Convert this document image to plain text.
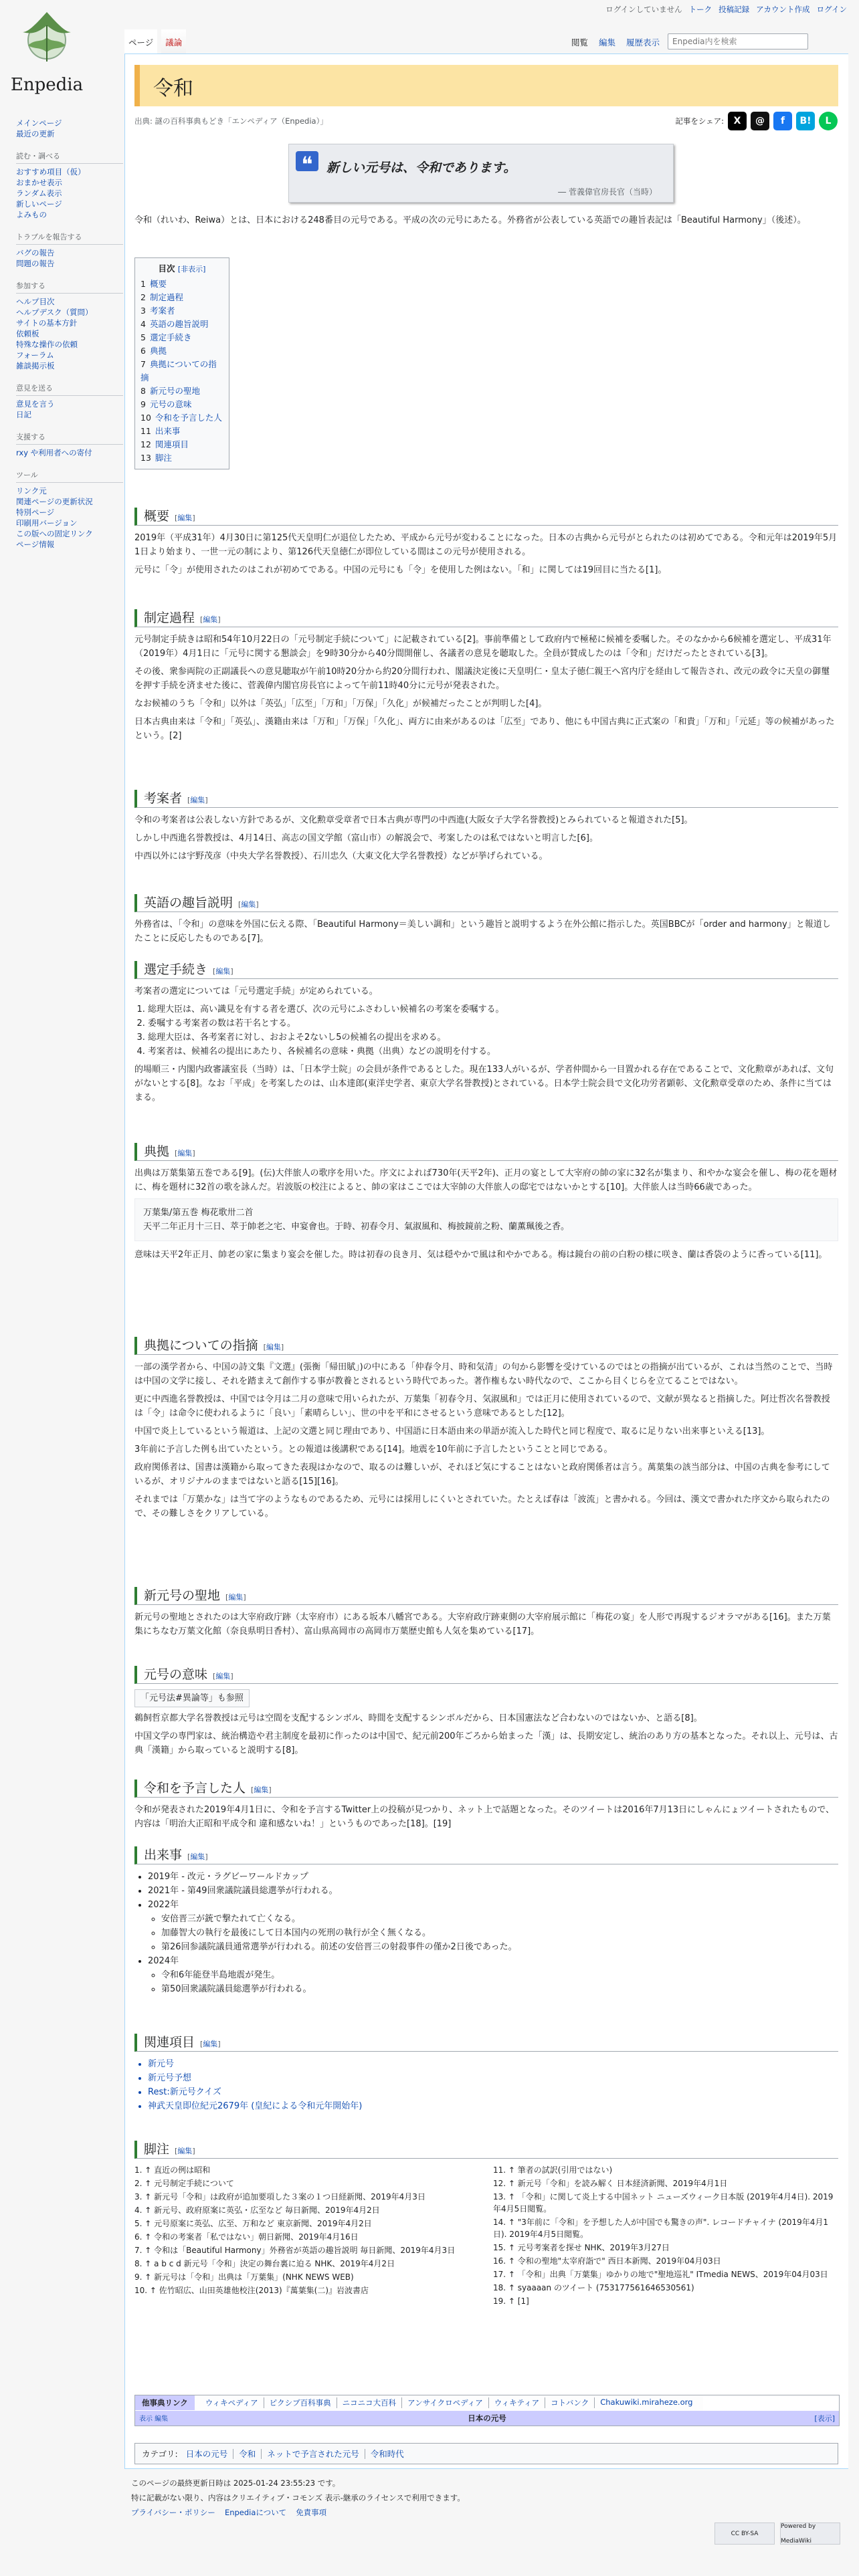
ログインしていません トーク 投稿記録 アカウント作成 ログイン
Enpedia
メインページ
最近の更新
読む・調べる
おすすめ項目（仮）
おまかせ表示
ランダム表示
新しいページ
よみもの
トラブルを報告する
バグの報告
問題の報告
参加する
ヘルプ目次
ヘルプデスク（質問）
サイトの基本方針
依頼板
特殊な操作の依頼
フォーラム
雑談掲示板
意見を送る
意見を言う
日記
支援する
rxy や利用者への寄付
ツール
リンク元
関連ページの更新状況
特別ページ
印刷用バージョン
この版への固定リンク
ページ情報
ページ	議論	閲覧	編集	履歴表示
Enpedia内を検索
令和
出典: 謎の百科事典もどき「エンペディア（Enpedia）」	記事をシェア:	X	@	f	B!	L
❝	新しい元号は、令和であります。
― 菅義偉官房長官（当時）

令和（れいわ、Reiwa）とは、日本における248番目の元号である。平成の次の元号にあたる。外務省が公表している英語での趣旨表記は「Beautiful Harmony」（後述）。

目次 [非表示]
1 概要
2 制定過程
3 考案者
4 英語の趣旨説明
5 選定手続き
6 典拠
7 典拠についての指摘
8 新元号の聖地
9 元号の意味
10 令和を予言した人
11 出来事
12 関連項目
13 脚注
概要 [編集]

2019年（平成31年）4月30日に第125代天皇明仁が退位したため、平成から元号が変わることになった。日本の古典から元号がとられたのは初めてである。令和元年は2019年5月1日より始まり、一世一元の制により、第126代天皇徳仁が即位している間はこの元号が使用される。

元号に「令」が使用されたのはこれが初めてである。中国の元号にも「令」を使用した例はない。「和」に関しては19回目に当たる[1]。

制定過程 [編集]

元号制定手続きは昭和54年10月22日の「元号制定手続について」に記載されている[2]。事前準備として政府内で極秘に候補を委嘱した。そのなかから6候補を選定し、平成31年（2019年）4月1日に「元号に関する懇談会」を9時30分から40分間開催し、各議者の意見を聴取した。全員が賛成したのは「令和」だけだったとされている[3]。

その後、衆参両院の正副議長への意見聴取が午前10時20分から約20分間行われ、閣議決定後に天皇明仁・皇太子徳仁親王へ宮内庁を経由して報告され、改元の政令に天皇の御璽を押す手続を済ませた後に、菅義偉内閣官房長官によって午前11時40分に元号が発表された。

なお候補のうち「令和」以外は「英弘」「広至」「万和」「万保」「久化」が候補だったことが判明した[4]。

日本古典由来は「令和」「英弘」、漢籍由来は「万和」「万保」「久化」、両方に由来があるのは「広至」であり、他にも中国古典に正式案の「和貴」「万和」「元延」等の候補があったという。[2]

考案者 [編集]

令和の考案者は公表しない方針であるが、文化勲章受章者で日本古典が専門の中西進(大阪女子大学名誉教授)とみられていると報道された[5]。

しかし中西進名誉教授は、4月14日、高志の国文学館（富山市）の解説会で、考案したのは私ではないと明言した[6]。

中西以外には宇野茂彦（中央大学名誉教授）、石川忠久（大東文化大学名誉教授）などが挙げられている。

英語の趣旨説明 [編集]

外務省は、「令和」の意味を外国に伝える際、「Beautiful Harmony＝美しい調和」という趣旨と説明するよう在外公館に指示した。英国BBCが「order and harmony」と報道したことに反応したものである[7]。

選定手続き [編集]

考案者の選定については「元号選定手続」が定められている。

1. 総理大臣は、高い識見を有する者を選び、次の元号にふさわしい候補名の考案を委嘱する。
2. 委嘱する考案者の数は若干名とする。
3. 総理大臣は、各考案者に対し、おおよそ2ないし5の候補名の提出を求める。
4. 考案者は、候補名の提出にあたり、各候補名の意味・典拠（出典）などの説明を付する。

的場順三・内閣内政審議室長（当時）は、「日本学士院」の会員が条件であるとした。現在133人がいるが、学者仲間から一目置かれる存在であることで、文化勲章があれば、文句がないとする[8]。なお「平成」を考案したのは、山本達郎(東洋史学者、東京大学名誉教授)とされている。日本学士院会員で文化功労者顕彰、文化勲章受章のため、条件に当てはまる。

典拠 [編集]

出典は万葉集第五巻である[9]。(伝)大伴旅人の歌序を用いた。序文によれば730年(天平2年)、正月の宴として大宰府の帥の家に32名が集まり、和やかな宴会を催し、梅の花を題材に、梅を題材に32首の歌を詠んだ。岩波版の校注によると、帥の家はここでは大宰帥の大伴旅人の邸宅ではないかとする[10]。大伴旅人は当時66歳であった。

万葉集/第五巻 梅花歌卅二首
天平二年正月十三日、萃于帥老之宅、申宴會也。于時、初春令月、氣淑風和、梅披鏡前之粉、蘭薫珮後之香。

意味は天平2年正月、帥老の家に集まり宴会を催した。時は初春の良き月、気は穏やかで風は和やかである。梅は鏡台の前の白粉の様に咲き、蘭は香袋のように香っている[11]。

典拠についての指摘 [編集]

一部の漢学者から、中国の詩文集『文選』(張衡「帰田賦」)の中にある「仲春令月、時和気清」の句から影響を受けているのではとの指摘が出ているが、これは当然のことで、当時は中国の文学に接し、それを踏まえて創作する事が教養とされるという時代であった。著作権もない時代なので、ここから目くじらを立てることではない。

更に中西進名誉教授は、中国では令月は二月の意味で用いられたが、万葉集「初春令月、気淑風和」では正月に使用されているので、文献が異なると指摘した。阿辻哲次名誉教授は「令」は命令に使われるように「良い」「素晴らしい」、世の中を平和にさせるという意味であるとした[12]。

中国で炎上しているという報道は、上記の文選と同じ理由であり、中国語に日本語由来の単語が流入した時代と同じ程度で、取るに足りない出来事といえる[13]。

3年前に予言した例も出ていたという。との報道は後講釈である[14]。地震を10年前に予言したということと同じである。

政府関係者は、国書は漢籍から取ってきた表現はかなので、取るのは難しいが、それほど気にすることはないと政府関係者は言う。萬葉集の該当部分は、中国の古典を参考にしているが、オリジナルのままではないと語る[15][16]。

それまでは「万葉かな」は当て字のようなものであるため、元号には採用しにくいとされていた。たとえば春は「波流」と書かれる。今回は、漢文で書かれた序文から取られたので、その難しさをクリアしている。

新元号の聖地 [編集]

新元号の聖地とされたのは大宰府政庁跡（太宰府市）にある坂本八幡宮である。大宰府政庁跡東側の大宰府展示館に「梅花の宴」を人形で再現するジオラマがある[16]。また万葉集にちなむ万葉文化館（奈良県明日香村）、富山県高岡市の高岡市万葉歴史館も人気を集めている[17]。

元号の意味 [編集]
「元号法#異論等」も参照

鵜飼哲京都大学名誉教授は元号は空間を支配するシンボル、時間を支配するシンボルだから、日本国憲法など合わないのではないか、と語る[8]。

中国文学の専門家は、統治構造や君主制度を最初に作ったのは中国で、紀元前200年ごろから始まった「漢」は、長期安定し、統治のあり方の基本となった。それ以上、元号は、古典「漢籍」から取っていると説明する[8]。

令和を予言した人 [編集]

令和が発表された2019年4月1日に、令和を予言するTwitter上の投稿が見つかり、ネット上で話題となった。そのツイートは2016年7月13日にしゃんにょツイートされたもので、内容は「明治大正昭和平成令和 違和感ないね！」というものであった[18]。[19]

出来事 [編集]
• 2019年 - 改元・ラグビーワールドカップ
• 2021年 - 第49回衆議院議員総選挙が行われる。
• 2022年
◦ 安倍晋三が銃で撃たれて亡くなる。
◦ 加藤智大の執行を最後にして日本国内の死刑の執行が全く無くなる。
◦ 第26回参議院議員通常選挙が行われる。前述の安倍晋三の射殺事件の僅か2日後であった。
• 2024年
◦ 令和6年能登半島地震が発生。
◦ 第50回衆議院議員総選挙が行われる。
関連項目 [編集]
• 新元号
• 新元号予想
• Rest:新元号クイズ
• 神武天皇即位紀元2679年 (皇紀による令和元年開始年)
脚注 [編集]
1. ↑ 直近の例は昭和
2. ↑ 元号制定手続について
3. ↑ 新元号「令和」は政府が追加要項した３案の１つ日経新聞、2019年4月3日
4. ↑ 新元号、政府原案に英弘・広至など 毎日新聞、2019年4月2日
5. ↑ 元号原案に英弘、広至、万和など 東京新聞、2019年4月2日
6. ↑ 令和の考案者「私ではない」朝日新聞、2019年4月16日
7. ↑ 令和は「Beautiful Harmony」外務省が英語の趣旨説明 毎日新聞、2019年4月3日
8. ↑ a b c d 新元号「令和」決定の舞台裏に迫る NHK、2019年4月2日
9. ↑ 新元号は「令和」出典は「万葉集」(NHK NEWS WEB)
10. ↑ 佐竹昭広、山田英雄他校注(2013)『萬葉集(二)』岩波書店
11. ↑ 筆者の試訳(引用ではない)
12. ↑ 新元号「令和」を読み解く 日本経済新聞、2019年4月1日
13. ↑ 「令和」に関して炎上する中国ネット ニューズウィーク日本版 (2019年4月4日). 2019年4月5日閲覧。
14. ↑ "3年前に「令和」を予想した人が中国でも驚きの声". レコードチャイナ (2019年4月1日). 2019年4月5日閲覧。
15. ↑ 元号考案者を探せ NHK、2019年3月27日
16. ↑ 令和の聖地"太宰府詣で" 西日本新聞、2019年04月03日
17. ↑ 「令和」出典「万葉集」ゆかりの地で"聖地巡礼" ITmedia NEWS、2019年04月03日
18. ↑ syaaaan のツイート (753177561646530561)
19. ↑ [1]
他事典リンク	ウィキペディア	ピクシブ百科事典	ニコニコ大百科	アンサイクロペディア	ウィキティア	コトバンク	Chakuwiki.miraheze.org
表示 編集	日本の元号	[表示]
カテゴリ: 日本の元号 令和 ネットで予言された元号 令和時代
このページの最終更新日時は 2025-01-24 23:55:23 です。
特に記載がない限り、内容はクリエイティブ・コモンズ 表示-継承のライセンスで利用できます。
プライバシー・ポリシー Enpediaについて 免責事項
CC BY-SA
Powered by MediaWiki
